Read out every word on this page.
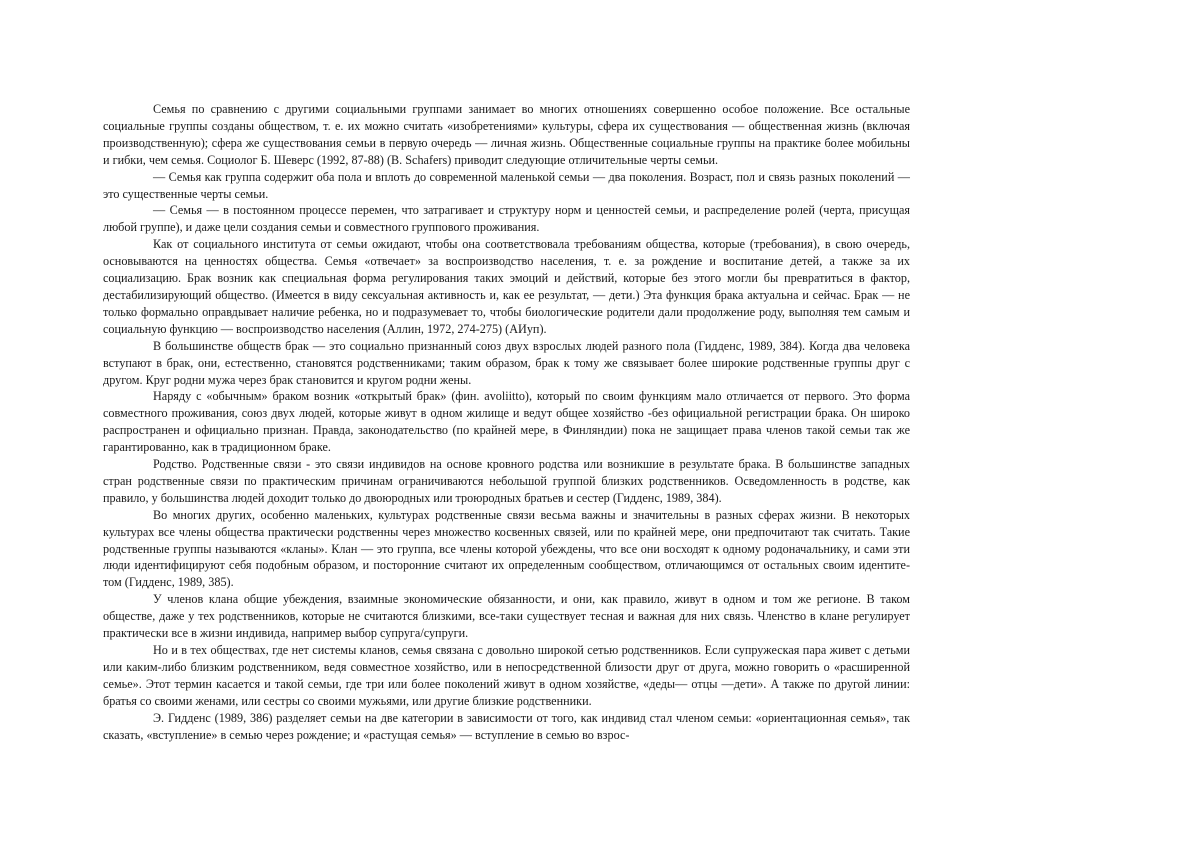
Семья по сравнению с другими социальными группами занимает во многих отношениях совершенно особое положение. Все остальные социальные группы созданы обществом, т. е. их можно считать «изобретениями» культуры, сфера их существования — общественная жизнь (включая производственную); сфера же существования семьи в первую очередь — личная жизнь. Общественные социальные группы на практике более мобильны и гибки, чем семья. Социолог Б. Шеверс (1992, 87-88) (B. Schafers) приводит следующие отличительные черты семьи.

— Семья как группа содержит оба пола и вплоть до современной маленькой семьи — два поколения. Возраст, пол и связь разных поколений — это существенные черты семьи.

— Семья — в постоянном процессе перемен, что затрагивает и структуру норм и ценностей семьи, и распределение ролей (черта, присущая любой группе), и даже цели создания семьи и совместного группового проживания.

Как от социального института от семьи ожидают, чтобы она соответствовала требованиям общества, которые (требования), в свою очередь, основываются на ценностях общества. Семья «отвечает» за воспроизводство населения, т. е. за рождение и воспитание детей, а также за их социализацию. Брак возник как специальная форма регулирования таких эмоций и действий, которые без этого могли бы превратиться в фактор, дестабилизирующий общество. (Имеется в виду сексуальная активность и, как ее результат, — дети.) Эта функция брака актуальна и сейчас. Брак — не только формально оправдывает наличие ребенка, но и подразумевает то, чтобы биологические родители дали продолжение роду, выполняя тем самым и социальную функцию — воспроизводство населения (Аллин, 1972, 274-275) (АИуп).

В большинстве обществ брак — это социально признанный союз двух взрослых людей разного пола (Гидденс, 1989, 384). Когда два человека вступают в брак, они, естественно, становятся родственниками; таким образом, брак к тому же связывает более широкие родственные группы друг с другом. Круг родни мужа через брак становится и кругом родни жены.

Наряду с «обычным» браком возник «открытый брак» (фин. avoliitto), который по своим функциям мало отличается от первого. Это форма совместного проживания, союз двух людей, которые живут в одном жилище и ведут общее хозяйство -без официальной регистрации брака. Он широко распространен и официально признан. Правда, законодательство (по крайней мере, в Финляндии) пока не защищает права членов такой семьи так же гарантированно, как в традиционном браке.

Родство. Родственные связи - это связи индивидов на основе кровного родства или возникшие в результате брака. В большинстве западных стран родственные связи по практическим причинам ограничиваются небольшой группой близких родственников. Осведомленность в родстве, как правило, у большинства людей доходит только до двоюродных или троюродных братьев и сестер (Гидденс, 1989, 384).

Во многих других, особенно маленьких, культурах родственные связи весьма важны и значительны в разных сферах жизни. В некоторых культурах все члены общества практически родственны через множество косвенных связей, или по крайней мере, они предпочитают так считать. Такие родственные группы называются «кланы». Клан — это группа, все члены которой убеждены, что все они восходят к одному родоначальнику, и сами эти люди идентифицируют себя подобным образом, и посторонние считают их определенным сообществом, отличающимся от остальных своим идентите-том (Гидденс, 1989, 385).

У членов клана общие убеждения, взаимные экономические обязанности, и они, как правило, живут в одном и том же регионе. В таком обществе, даже у тех родственников, которые не считаются близкими, все-таки существует тесная и важная для них связь. Членство в клане регулирует практически все в жизни индивида, например выбор супруга/супруги.

Но и в тех обществах, где нет системы кланов, семья связана с довольно широкой сетью родственников. Если супружеская пара живет с детьми или каким-либо близким родственником, ведя совместное хозяйство, или в непосредственной близости друг от друга, можно говорить о «расширенной семье». Этот термин касается и такой семьи, где три или более поколений живут в одном хозяйстве, «деды— отцы —дети». А также по другой линии: братья со своими женами, или сестры со своими мужьями, или другие близкие родственники.

Э. Гидденс (1989, 386) разделяет семьи на две категории в зависимости от того, как индивид стал членом семьи: «ориентационная семья», так сказать, «вступление» в семью через рождение; и «растущая семья» — вступление в семью во взрос-
